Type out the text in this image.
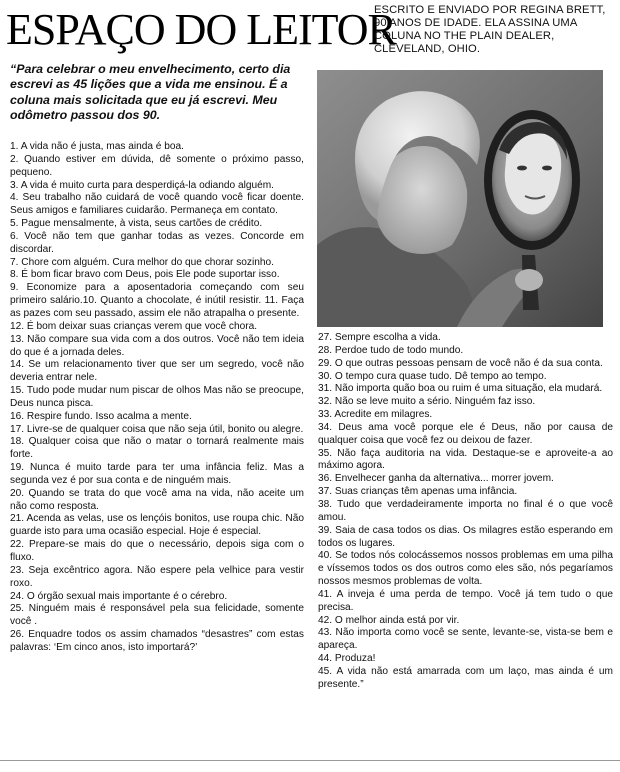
ESPAÇO DO LEITOR

ESCRITO E ENVIADO POR REGINA BRETT, 90 ANOS DE IDADE. ELA ASSINA UMA COLUNA NO THE PLAIN DEALER, CLEVELAND, OHIO.

“Para celebrar o meu envelhecimento, certo dia escrevi as 45 lições que a vida me ensinou. É a coluna mais solicitada que eu já escrevi. Meu odômetro passou dos 90.

1. A vida não é justa, mas ainda é boa.

2. Quando estiver em dúvida, dê somente o próximo passo, pequeno.

3. A vida é muito curta para desperdiçá-la odiando alguém.

4. Seu trabalho não cuidará de você quando você ficar doente. Seus amigos e familiares cuidarão. Permaneça em contato.

5. Pague mensalmente, à vista, seus cartões de crédito.

6. Você não tem que ganhar todas as vezes. Concorde em discordar.

7. Chore com alguém. Cura melhor do que chorar sozinho.

8. É bom ficar bravo com Deus, pois Ele pode suportar isso.

9. Economize para a aposentadoria começando com seu primeiro salário.10. Quanto a chocolate, é inútil resistir. 11. Faça as pazes com seu passado, assim ele não atrapalha o presente.

12. É bom deixar suas crianças verem que você chora.

13. Não compare sua vida com a dos outros. Você não tem ideia do que é a jornada deles.

14. Se um relacionamento tiver que ser um segredo, você não deveria entrar nele.

15. Tudo pode mudar num piscar de olhos Mas não se preocupe, Deus nunca pisca.

16. Respire fundo. Isso acalma a mente.

17. Livre-se de qualquer coisa que não seja útil, bonito ou alegre.

18. Qualquer coisa que não o matar o tornará realmente mais forte.

19. Nunca é muito tarde para ter uma infância feliz. Mas a segunda vez é por sua conta e de ninguém mais.

20. Quando se trata do que você ama na vida, não aceite um não como resposta.

21. Acenda as velas, use os lençóis bonitos, use roupa chic. Não guarde isto para uma ocasião especial. Hoje é especial.

22. Prepare-se mais do que o necessário, depois siga com o fluxo.

23. Seja excêntrico agora. Não espere pela velhice para vestir roxo.

24. O órgão sexual mais importante é o cérebro.

25. Ninguém mais é responsável pela sua felicidade, somente você .

26. Enquadre todos os assim chamados “desastres” com estas palavras: ‘Em cinco anos, isto importará?’

27. Sempre escolha a vida.

28. Perdoe tudo de todo mundo.

29. O que outras pessoas pensam de você não é da sua conta.

30. O tempo cura quase tudo. Dê tempo ao tempo.

31. Não importa quão boa ou ruim é uma situação, ela mudará.

32. Não se leve muito a sério. Ninguém faz isso.

33. Acredite em milagres.

34. Deus ama você porque ele é Deus, não por causa de qualquer coisa que você fez ou deixou de fazer.

35. Não faça auditoria na vida. Destaque-se e aproveite-a ao máximo agora.

36. Envelhecer ganha da alternativa... morrer jovem.

37. Suas crianças têm apenas uma infância.

38. Tudo que verdadeiramente importa no final é o que você amou.

39. Saia de casa todos os dias. Os milagres estão esperando em todos os lugares.

40. Se todos nós colocássemos nossos problemas em uma pilha e víssemos todos os dos outros como eles são, nós pegaríamos nossos mesmos problemas de volta.

41. A inveja é uma perda de tempo. Você já tem tudo o que precisa.

42. O melhor ainda está por vir.

43. Não importa como você se sente, levante-se, vista-se bem e apareça.

44. Produza!

45. A vida não está amarrada com um laço, mas ainda é um presente.”
